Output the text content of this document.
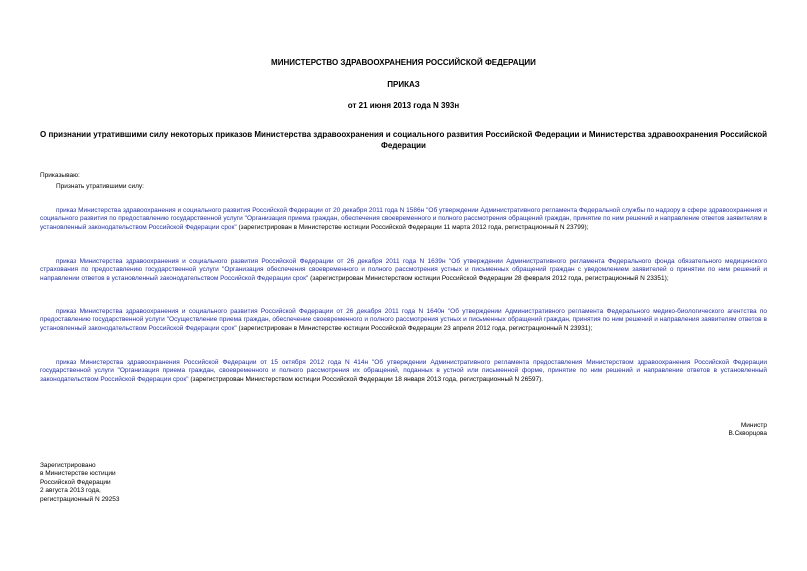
МИНИСТЕРСТВО ЗДРАВООХРАНЕНИЯ РОССИЙСКОЙ ФЕДЕРАЦИИ
ПРИКАЗ
от 21 июня 2013 года N 393н
О признании утратившими силу некоторых приказов Министерства здравоохранения и социального развития Российской Федерации и Министерства здравоохранения Российской Федерации
Приказываю:
Признать утратившими силу:
приказ Министерства здравоохранения и социального развития Российской Федерации от 20 декабря 2011 года N 1586н "Об утверждении Административного регламента Федеральной службы по надзору в сфере здравоохранения и социального развития по предоставлению государственной услуги "Организация приема граждан, обеспечения своевременного и полного рассмотрения обращений граждан, принятие по ним решений и направление ответов заявителям в установленный законодательством Российской Федерации срок" (зарегистрирован в Министерстве юстиции Российской Федерации 11 марта 2012 года, регистрационный N 23799);
приказ Министерства здравоохранения и социального развития Российской Федерации от 26 декабря 2011 года N 1639н "Об утверждении Административного регламента Федерального фонда обязательного медицинского страхования по предоставлению государственной услуги "Организация обеспечения своевременного и полного рассмотрения устных и письменных обращений граждан с уведомлением заявителей о принятии по ним решений и направлении ответов в установленный законодательством Российской Федерации срок" (зарегистрирован Министерством юстиции Российской Федерации 28 февраля 2012 года, регистрационный N 23351);
приказ Министерства здравоохранения и социального развития Российской Федерации от 26 декабря 2011 года N 1640н "Об утверждении Административного регламента Федерального медико-биологического агентства по предоставлению государственной услуги "Осуществление приема граждан, обеспечение своевременного и полного рассмотрения устных и письменных обращений граждан, принятия по ним решений и направления заявителям ответов в установленный законодательством Российской Федерации срок" (зарегистрирован в Министерстве юстиции Российской Федерации 23 апреля 2012 года, регистрационный N 23931);
приказ Министерства здравоохранения Российской Федерации от 15 октября 2012 года N 414н "Об утверждении Административного регламента предоставления Министерством здравоохранения Российской Федерации государственной услуги "Организация приема граждан, своевременного и полного рассмотрения их обращений, поданных в устной или письменной форме, принятие по ним решений и направление ответов в установленный законодательством Российской Федерации срок" (зарегистрирован Министерством юстиции Российской Федерации 18 января 2013 года, регистрационный N 26597).
Министр
В.Скворцова
Зарегистрировано
в Министерстве юстиции
Российской Федерации
2 августа 2013 года,
регистрационный N 29253
